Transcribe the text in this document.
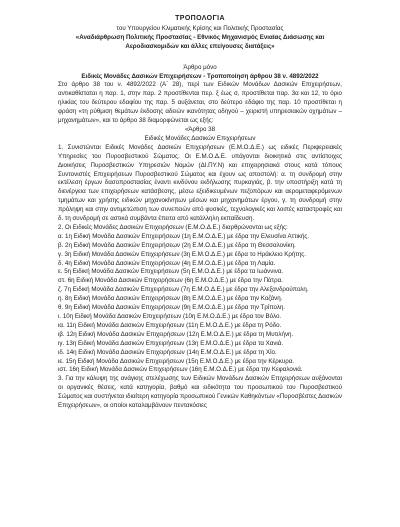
ΤΡΟΠΟΛΟΓΙΑ
του Υπουργείου Κλιματικής Κρίσης και Πολιτικής Προστασίας
«Αναδιάρθρωση Πολιτικής Προστασίας - Εθνικός Μηχανισμός Ενιαίας Διάσωσης και Αεροδιασκομιδών και άλλες επείγουσες διατάξεις»
Άρθρο μόνο
Ειδικές Μονάδες Δασικών Επιχειρήσεων - Τροποποίηση άρθρου 38 ν. 4892/2022

Στο άρθρο 38 του ν. 4892/2022 (Α΄ 28), περί των Ειδικών Μονάδων Δασικών Επιχειρήσεων, αντικαθίσταται η παρ. 1, στην παρ. 2 προστίθενται περ. ξ έως σ, προστίθεται παρ. 3α και 12, το όριο ηλικίας του δεύτερου εδαφίου της παρ. 5 αυξάνεται, στο δεύτερο εδάφιο της παρ. 10 προστίθεται η φράση «τη ρύθμιση θεμάτων έκδοσης αδειών ικανότητας οδηγού – χειριστή υπηρεσιακών οχημάτων – μηχανημάτων», και το άρθρο 38 διαμορφώνεται ως εξής:

«Άρθρο 38
Ειδικές Μονάδες Δασικών Επιχειρήσεων

1. Συνιστώνται Ειδικές Μονάδες Δασικών Επιχειρήσεων (Ε.Μ.Ο.Δ.Ε.) ως ειδικές Περιφερειακές Υπηρεσίες του Πυροσβεστικού Σώματος. Οι Ε.Μ.Ο.Δ.Ε. υπάγονται διοικητικά στις αντίστοιχες Διοικήσεις Πυροσβεστικών Υπηρεσιών Νομών (ΔΙ.ΠΥ.Ν) και επιχειρησιακά στους κατά τόπους Συντονιστές Επιχειρήσεων Πυροσβεστικού Σώματος και έχουν ως αποστολή: α. τη συνδρομή στην εκτέλεση έργων δασοπροστασίας έναντι κινδύνου εκδήλωσης πυρκαγιάς, β. την υποστήριξη κατά τη διενέργεια των επιχειρήσεων κατάσβεσης, μέσω εξειδικευμένων πεζοπόρων και αερομεταφερόμενων τμημάτων και χρήσης ειδικών μηχανοκίνητων μέσων και μηχανημάτων έργου, γ. τη συνδρομή στην πρόληψη και στην αντιμετώπιση των συνεπειών από φυσικές, τεχνολογικές και λοιπές καταστροφές και δ. τη συνδρομή σε αστικά συμβάντα έπειτα από κατάλληλη εκπαίδευση.

2. Οι Ειδικές Μονάδες Δασικών Επιχειρήσεων (Ε.Μ.Ο.Δ.Ε.) διαρθρώνονται ως εξής:

α. 1η Ειδική Μονάδα Δασικών Επιχειρήσεων (1η Ε.Μ.Ο.Δ.Ε.) με έδρα την Ελευσίνα Αττικής.
β. 2η Ειδική Μονάδα Δασικών Επιχειρήσεων (2η Ε.Μ.Ο.Δ.Ε.) με έδρα τη Θεσσαλονίκη.
γ. 3η Ειδική Μονάδα Δασικών Επιχειρήσεων (3η Ε.Μ.Ο.Δ.Ε.) με έδρα το Ηράκλειο Κρήτης.
δ. 4η Ειδική Μονάδα Δασικών Επιχειρήσεων (4η Ε.Μ.Ο.Δ.Ε.) με έδρα τη Λαμία.
ε. 5η Ειδική Μονάδα Δασικών Επιχειρήσεων (5η Ε.Μ.Ο.Δ.Ε.) με έδρα τα Ιωάννινα.
στ. 6η Ειδική Μονάδα Δασικών Επιχειρήσεων (6η Ε.Μ.Ο.Δ.Ε.) με έδρα την Πάτρα.
ζ. 7η Ειδική Μονάδα Δασικών Επιχειρήσεων (7η Ε.Μ.Ο.Δ.Ε.) με έδρα την Αλεξανδρούπολη.
η. 8η Ειδική Μονάδα Δασικών Επιχειρήσεων (8η Ε.Μ.Ο.Δ.Ε.) με έδρα την Κοζάνη.
θ. 9η Ειδική Μονάδα Δασικών Επιχειρήσεων (9η Ε.Μ.Ο.Δ.Ε.) με έδρα την Τρίπολη.
ι. 10η Ειδική Μονάδα Δασικών Επιχειρήσεων (10η Ε.Μ.Ο.Δ.Ε.) με έδρα τον Βόλο.
ια. 11η Ειδική Μονάδα Δασικών Επιχειρήσεων (11η Ε.Μ.Ο.Δ.Ε.) με έδρα τη Ρόδο.
ιβ. 12η Ειδική Μονάδα Δασικών Επιχειρήσεων (12η Ε.Μ.Ο.Δ.Ε.) με έδρα τη Μυτιλήνη.
ιγ. 13η Ειδική Μονάδα Δασικών Επιχειρήσεων (13η Ε.Μ.Ο.Δ.Ε.) με έδρα τα Χανιά.
ιδ. 14η Ειδική Μονάδα Δασικών Επιχειρήσεων (14η Ε.Μ.Ο.Δ.Ε.) με έδρα τη Χίο.
ιε. 15η Ειδική Μονάδα Δασικών Επιχειρήσεων (15η Ε.Μ.Ο.Δ.Ε.) με έδρα την Κέρκυρα.
ιστ. 16η Ειδική Μονάδα Δασικών Επιχειρήσεων (16η Ε.Μ.Ο.Δ.Ε.) με έδρα την Κεφαλονιά.

3. Για την κάλυψη της ανάγκης στελέχωσης των Ειδικών Μονάδων Δασικών Επιχειρήσεων αυξάνονται οι οργανικές θέσεις, κατά κατηγορία, βαθμό και ειδικότητα του προσωπικού του Πυροσβεστικού Σώματος και συστήνεται ιδιαίτερη κατηγορία προσωπικού Γενικών Καθηκόντων «Πυροσβέστες Δασικών Επιχειρήσεων», οι οποίοι καταλαμβάνουν πεντακόσιες
